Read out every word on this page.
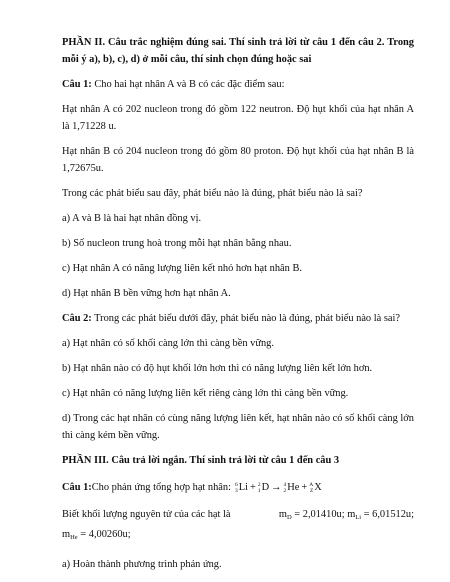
PHẦN II. Câu trắc nghiệm đúng sai. Thí sinh trả lời từ câu 1 đến câu 2. Trong mỗi ý a), b), c), d) ở mỗi câu, thí sinh chọn đúng hoặc sai

Câu 1: Cho hai hạt nhân A và B có các đặc điểm sau:

Hạt nhân A có 202 nucleon trong đó gồm 122 neutron. Độ hụt khối của hạt nhân A là 1,71228 u.

Hạt nhân B có 204 nucleon trong đó gồm 80 proton. Độ hụt khối của hạt nhân B là 1,72675u.

Trong các phát biểu sau đây, phát biểu nào là đúng, phát biểu nào là sai?

a) A và B là hai hạt nhân đồng vị.

b) Số nucleon trung hoà trong mỗi hạt nhân bằng nhau.

c) Hạt nhân A có năng lượng liên kết nhỏ hơn hạt nhân B.

d) Hạt nhân B bền vững hơn hạt nhân A.

Câu 2: Trong các phát biểu dưới đây, phát biểu nào là đúng, phát biểu nào là sai?

a) Hạt nhân có số khối càng lớn thì càng bền vững.

b) Hạt nhân nào có độ hụt khối lớn hơn thì có năng lượng liên kết lớn hơn.

c) Hạt nhân có năng lượng liên kết riêng càng lớn thì càng bền vững.

d) Trong các hạt nhân có cùng năng lượng liên kết, hạt nhân nào có số khối càng lớn thì càng kém bền vững.

PHẦN III. Câu trả lời ngắn. Thí sinh trả lời từ câu 1 đến câu 3

Câu 1: Cho phản ứng tổng hợp hạt nhân: 6
3 Li + 2
1 D → 4
2 He + A
Z X

Biết khối lượng nguyên tử của các hạt là	$m_D = 2,01410u$; $m_{Li} = 6,01512u$;
$m_{He} = 4,00260u$;

a) Hoàn thành phương trình phản ứng.
